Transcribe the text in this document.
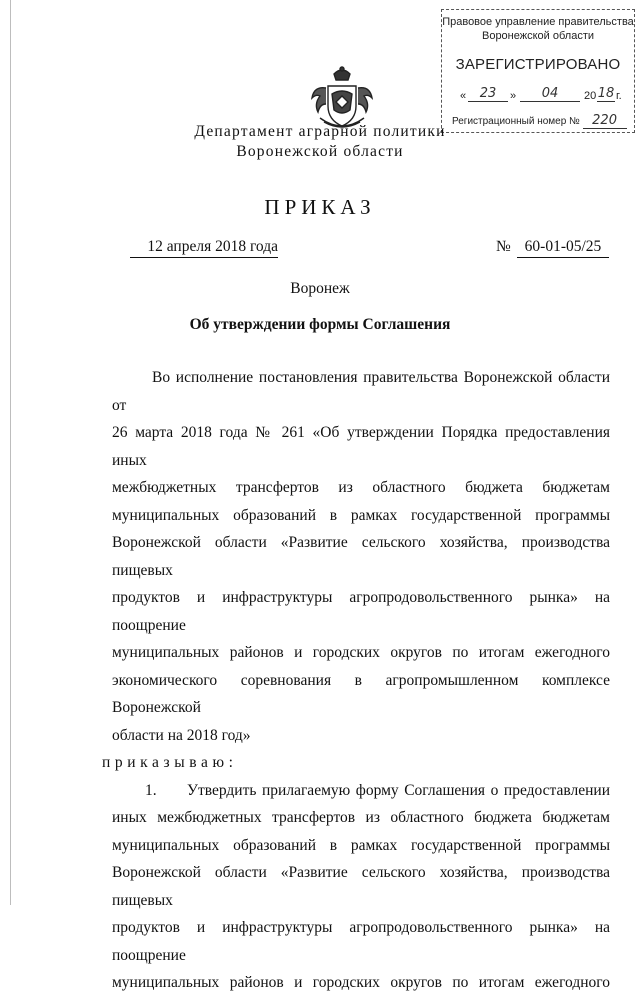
Правовое управление правительства
Воронежской области
ЗАРЕГИСТРИРОВАНО
«	23	»	04	20 18 г.
Регистрационный номер № 220
Департамент аграрной политики
Воронежской области
ПРИКАЗ
12 апреля 2018 года	№ 60-01-05/25
Воронеж
Об утверждении формы Соглашения

Во исполнение постановления правительства Воронежской области от

26 марта 2018 года № 261 «Об утверждении Порядка предоставления иных

межбюджетных трансфертов из областного бюджета бюджетам

муниципальных образований в рамках государственной программы

Воронежской области «Развитие сельского хозяйства, производства пищевых

продуктов и инфраструктуры агропродовольственного рынка» на поощрение

муниципальных районов и городских округов по итогам ежегодного

экономического соревнования в агропромышленном комплексе Воронежской

области на 2018 год»

приказываю:

1. Утвердить прилагаемую форму Соглашения о предоставлении

иных межбюджетных трансфертов из областного бюджета бюджетам

муниципальных образований в рамках государственной программы

Воронежской области «Развитие сельского хозяйства, производства пищевых

продуктов и инфраструктуры агропродовольственного рынка» на поощрение

муниципальных районов и городских округов по итогам ежегодного
